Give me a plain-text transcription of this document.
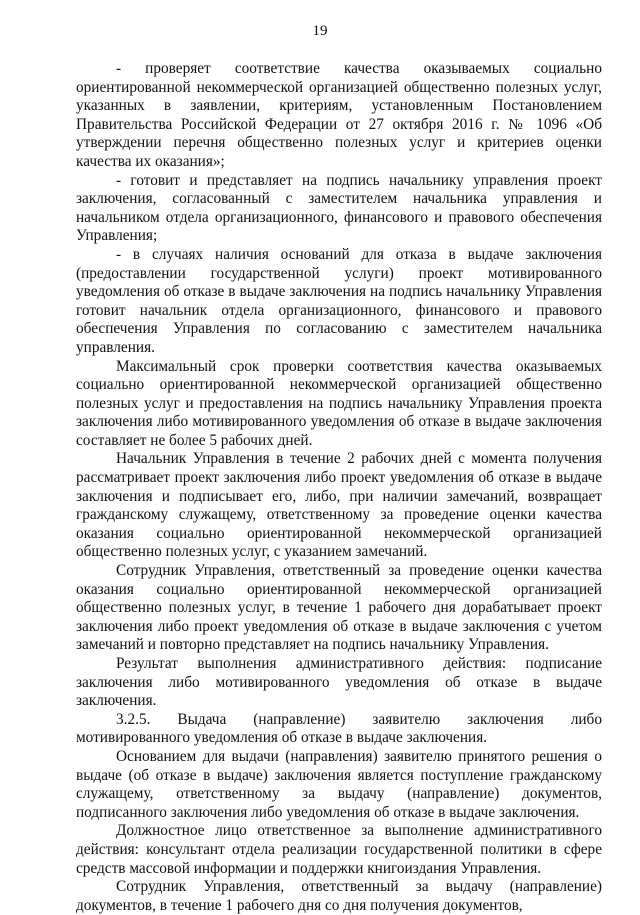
19

- проверяет соответствие качества оказываемых социально ориентированной некоммерческой организацией общественно полезных услуг, указанных в заявлении, критериям, установленным Постановлением Правительства Российской Федерации от 27 октября 2016 г. № 1096 «Об утверждении перечня общественно полезных услуг и критериев оценки качества их оказания»;

- готовит и представляет на подпись начальнику управления проект заключения, согласованный с заместителем начальника управления и начальником отдела организационного, финансового и правового обеспечения Управления;

- в случаях наличия оснований для отказа в выдаче заключения (предоставлении государственной услуги) проект мотивированного уведомления об отказе в выдаче заключения на подпись начальнику Управления готовит начальник отдела организационного, финансового и правового обеспечения Управления по согласованию с заместителем начальника управления.

Максимальный срок проверки соответствия качества оказываемых социально ориентированной некоммерческой организацией общественно полезных услуг и предоставления на подпись начальнику Управления проекта заключения либо мотивированного уведомления об отказе в выдаче заключения составляет не более 5 рабочих дней.

Начальник Управления в течение 2 рабочих дней с момента получения рассматривает проект заключения либо проект уведомления об отказе в выдаче заключения и подписывает его, либо, при наличии замечаний, возвращает гражданскому служащему, ответственному за проведение оценки качества оказания социально ориентированной некоммерческой организацией общественно полезных услуг, с указанием замечаний.

Сотрудник Управления, ответственный за проведение оценки качества оказания социально ориентированной некоммерческой организацией общественно полезных услуг, в течение 1 рабочего дня дорабатывает проект заключения либо проект уведомления об отказе в выдаче заключения с учетом замечаний и повторно представляет на подпись начальнику Управления.

Результат выполнения административного действия: подписание заключения либо мотивированного уведомления об отказе в выдаче заключения.

3.2.5. Выдача (направление) заявителю заключения либо мотивированного уведомления об отказе в выдаче заключения.

Основанием для выдачи (направления) заявителю принятого решения о выдаче (об отказе в выдаче) заключения является поступление гражданскому служащему, ответственному за выдачу (направление) документов, подписанного заключения либо уведомления об отказе в выдаче заключения.

Должностное лицо ответственное за выполнение административного действия: консультант отдела реализации государственной политики в сфере средств массовой информации и поддержки книгоиздания Управления.

Сотрудник Управления, ответственный за выдачу (направление) документов, в течение 1 рабочего дня со дня получения документов,
